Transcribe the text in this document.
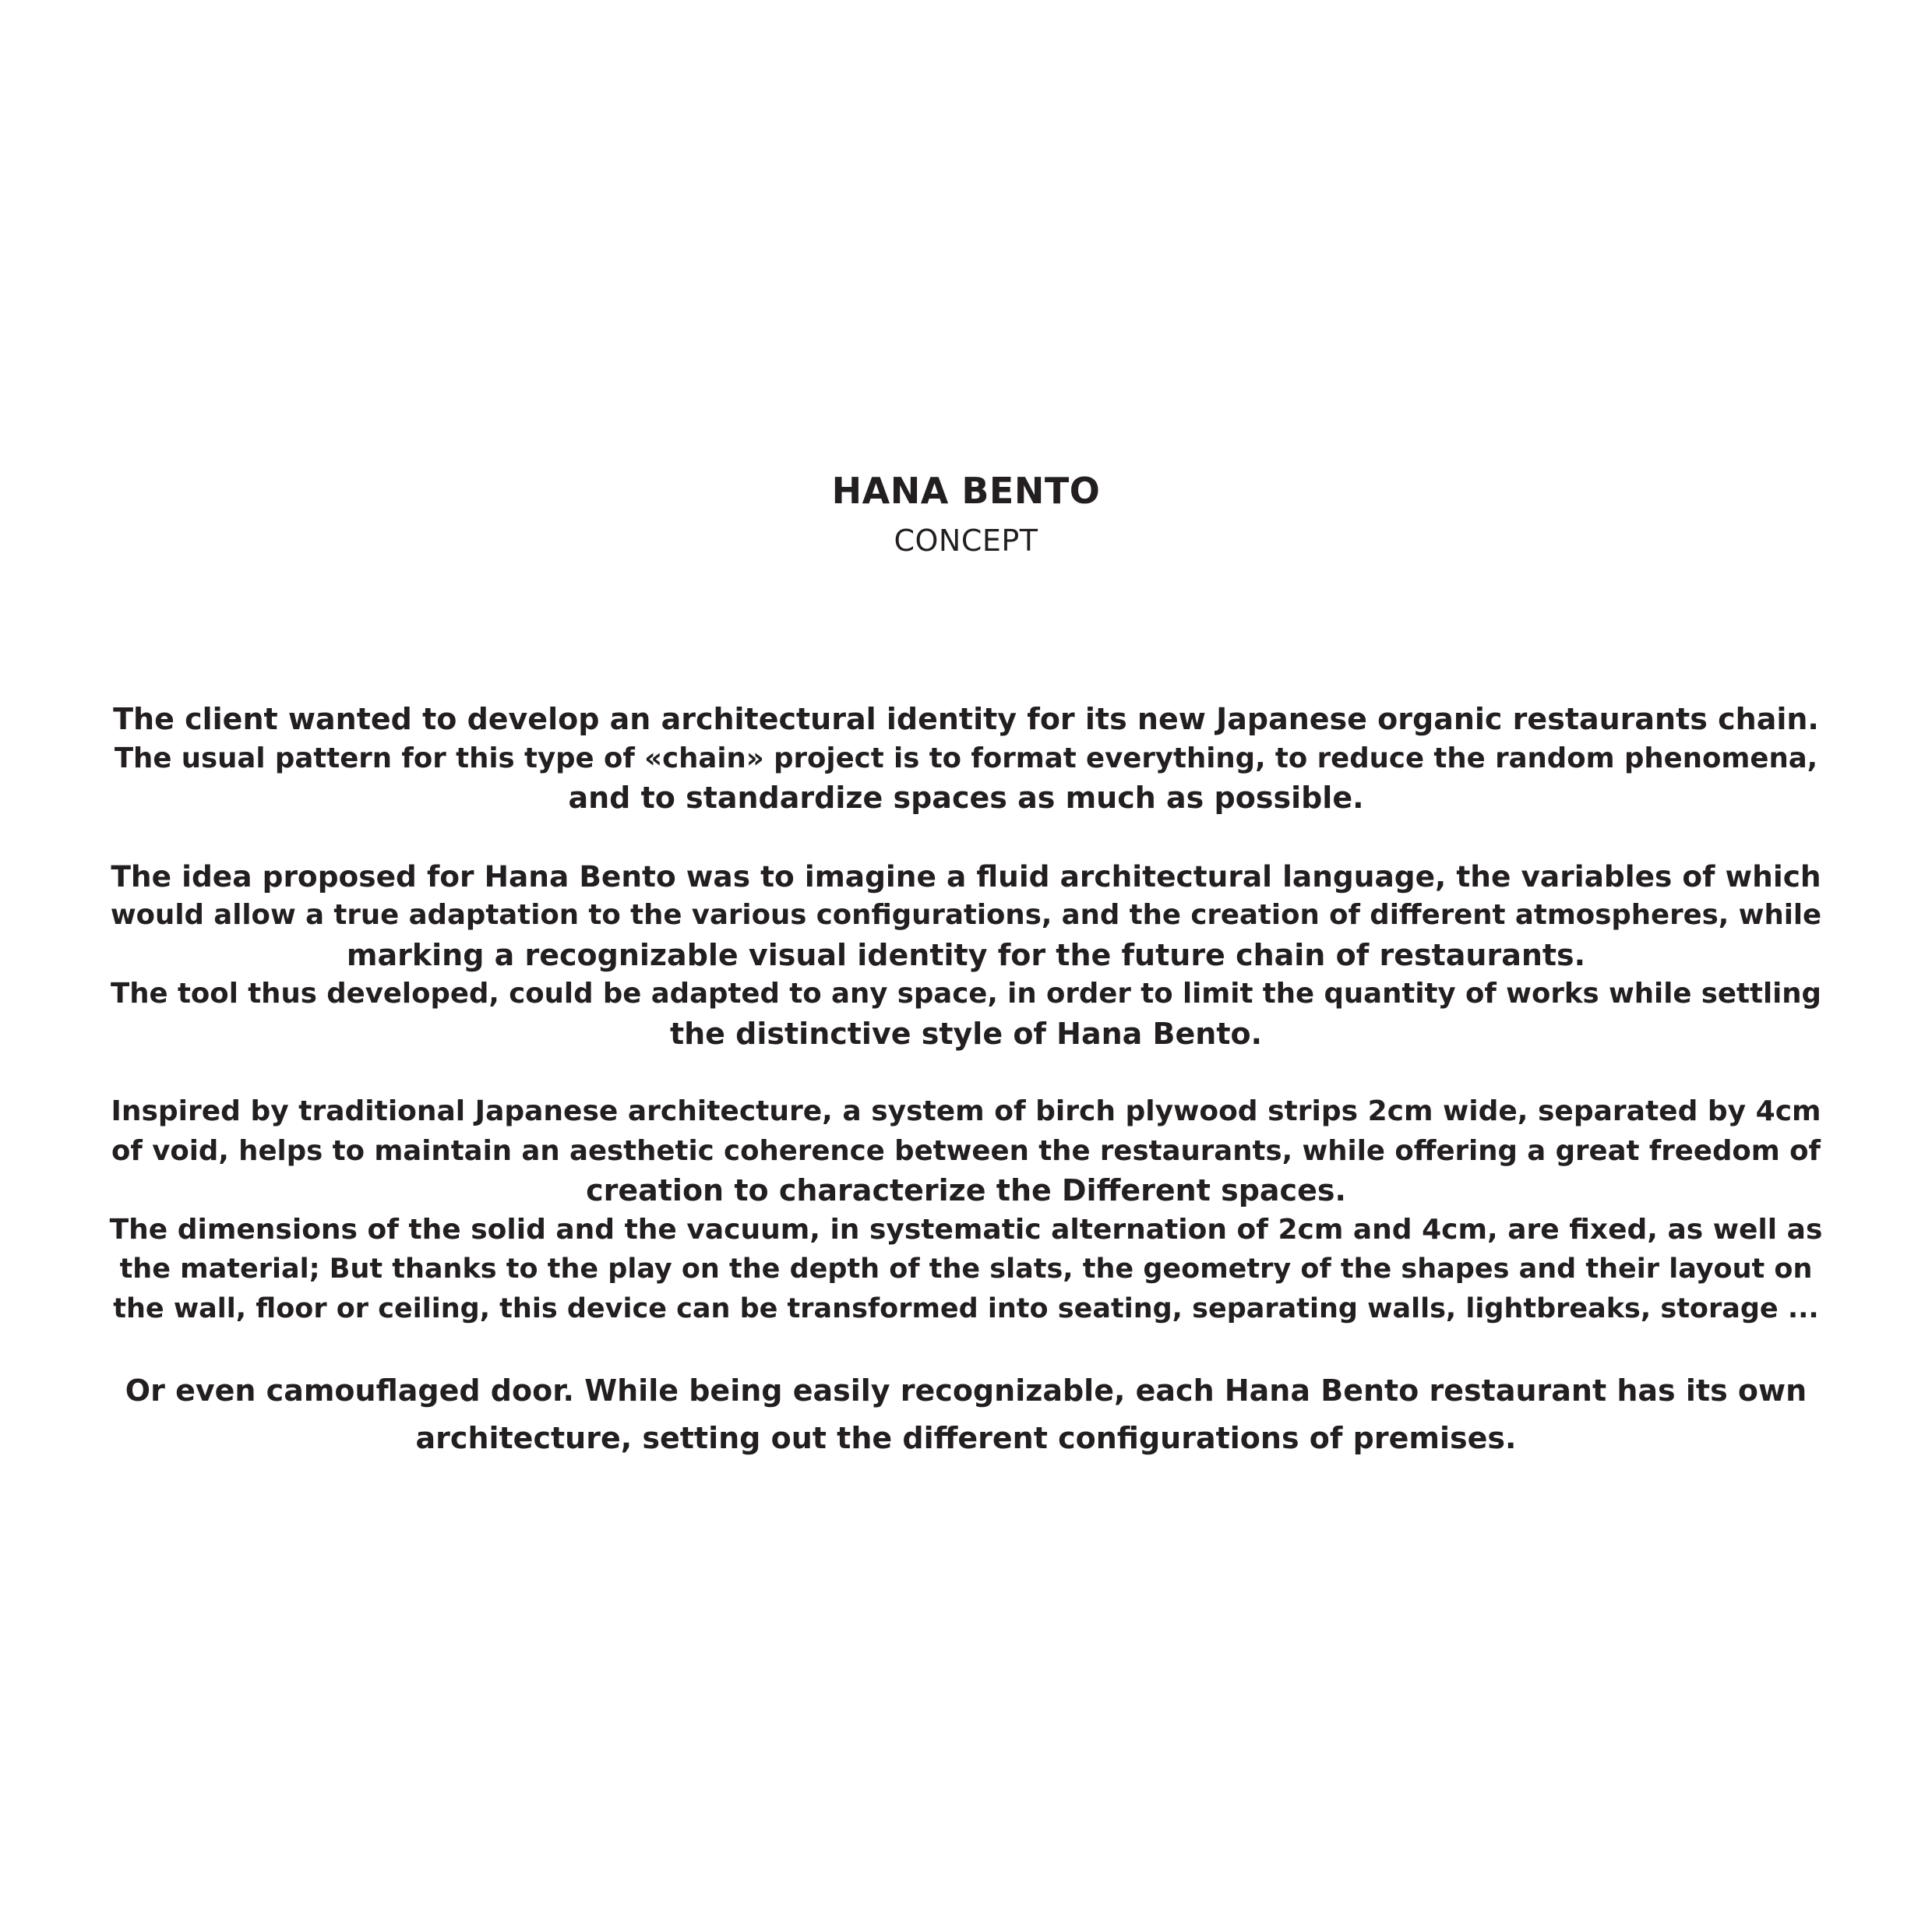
HANA BENTO
CONCEPT
The client wanted to develop an architectural identity for its new Japanese organic restaurants chain.
The usual pattern for this type of «chain» project is to format everything, to reduce the random phenomena,
and to standardize spaces as much as possible.
The idea proposed for Hana Bento was to imagine a fluid architectural language, the variables of which
would allow a true adaptation to the various configurations, and the creation of different atmospheres, while
marking a recognizable visual identity for the future chain of restaurants.
The tool thus developed, could be adapted to any space, in order to limit the quantity of works while settling
the distinctive style of Hana Bento.
Inspired by traditional Japanese architecture, a system of birch plywood strips 2cm wide, separated by 4cm
of void, helps to maintain an aesthetic coherence between the restaurants, while offering a great freedom of
creation to characterize the Different spaces.
The dimensions of the solid and the vacuum, in systematic alternation of 2cm and 4cm, are fixed, as well as
the material; But thanks to the play on the depth of the slats, the geometry of the shapes and their layout on
the wall, floor or ceiling, this device can be transformed into seating, separating walls, lightbreaks, storage ...
Or even camouflaged door. While being easily recognizable, each Hana Bento restaurant has its own
architecture, setting out the different configurations of premises.
